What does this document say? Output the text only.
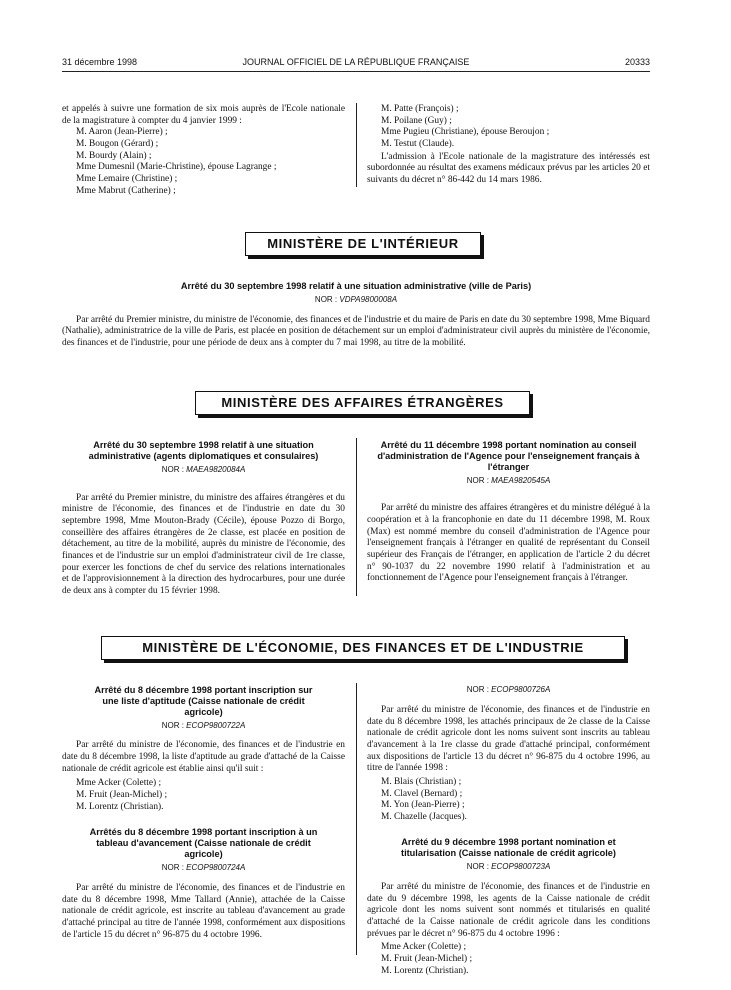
31 décembre 1998	JOURNAL OFFICIEL DE LA RÉPUBLIQUE FRANÇAISE	20333

et appelés à suivre une formation de six mois auprès de l'Ecole nationale de la magistrature à compter du 4 janvier 1999 :

M. Aaron (Jean-Pierre) ;

M. Bougon (Gérard) ;

M. Bourdy (Alain) ;

Mme Dumesnil (Marie-Christine), épouse Lagrange ;

Mme Lemaire (Christine) ;

Mme Mabrut (Catherine) ;

M. Patte (François) ;

M. Poilane (Guy) ;

Mme Pugieu (Christiane), épouse Beroujon ;

M. Testut (Claude).

L'admission à l'Ecole nationale de la magistrature des intéressés est subordonnée au résultat des examens médicaux prévus par les articles 20 et suivants du décret n° 86-442 du 14 mars 1986.

MINISTÈRE DE L'INTÉRIEUR

Arrêté du 30 septembre 1998 relatif à une situation administrative (ville de Paris)

NOR : VDPA9800008A

Par arrêté du Premier ministre, du ministre de l'économie, des finances et de l'industrie et du maire de Paris en date du 30 septembre 1998, Mme Biquard (Nathalie), administratrice de la ville de Paris, est placée en position de détachement sur un emploi d'administrateur civil auprès du ministère de l'économie, des finances et de l'industrie, pour une période de deux ans à compter du 7 mai 1998, au titre de la mobilité.

MINISTÈRE DES AFFAIRES ÉTRANGÈRES

Arrêté du 30 septembre 1998 relatif à une situation administrative (agents diplomatiques et consulaires)

NOR : MAEA9820084A

Par arrêté du Premier ministre, du ministre des affaires étrangères et du ministre de l'économie, des finances et de l'industrie en date du 30 septembre 1998, Mme Mouton-Brady (Cécile), épouse Pozzo di Borgo, conseillère des affaires étrangères de 2e classe, est placée en position de détachement, au titre de la mobilité, auprès du ministre de l'économie, des finances et de l'industrie sur un emploi d'administrateur civil de 1re classe, pour exercer les fonctions de chef du service des relations internationales et de l'approvisionnement à la direction des hydrocarbures, pour une durée de deux ans à compter du 15 février 1998.

Arrêté du 11 décembre 1998 portant nomination au conseil d'administration de l'Agence pour l'enseignement français à l'étranger

NOR : MAEA9820545A

Par arrêté du ministre des affaires étrangères et du ministre délégué à la coopération et à la francophonie en date du 11 décembre 1998, M. Roux (Max) est nommé membre du conseil d'administration de l'Agence pour l'enseignement français à l'étranger en qualité de représentant du Conseil supérieur des Français de l'étranger, en application de l'article 2 du décret n° 90-1037 du 22 novembre 1990 relatif à l'administration et au fonctionnement de l'Agence pour l'enseignement français à l'étranger.

MINISTÈRE DE L'ÉCONOMIE, DES FINANCES ET DE L'INDUSTRIE

Arrêté du 8 décembre 1998 portant inscription sur une liste d'aptitude (Caisse nationale de crédit agricole)

NOR : ECOP9800722A

Par arrêté du ministre de l'économie, des finances et de l'industrie en date du 8 décembre 1998, la liste d'aptitude au grade d'attaché de la Caisse nationale de crédit agricole est établie ainsi qu'il suit :

Mme Acker (Colette) ;

M. Fruit (Jean-Michel) ;

M. Lorentz (Christian).

Arrêtés du 8 décembre 1998 portant inscription à un tableau d'avancement (Caisse nationale de crédit agricole)

NOR : ECOP9800724A

Par arrêté du ministre de l'économie, des finances et de l'industrie en date du 8 décembre 1998, Mme Tallard (Annie), attachée de la Caisse nationale de crédit agricole, est inscrite au tableau d'avancement au grade d'attaché principal au titre de l'année 1998, conformément aux dispositions de l'article 15 du décret n° 96-875 du 4 octobre 1996.

NOR : ECOP9800726A

Par arrêté du ministre de l'économie, des finances et de l'industrie en date du 8 décembre 1998, les attachés principaux de 2e classe de la Caisse nationale de crédit agricole dont les noms suivent sont inscrits au tableau d'avancement à la 1re classe du grade d'attaché principal, conformément aux dispositions de l'article 13 du décret n° 96-875 du 4 octobre 1996, au titre de l'année 1998 :

M. Blais (Christian) ;

M. Clavel (Bernard) ;

M. Yon (Jean-Pierre) ;

M. Chazelle (Jacques).

Arrêté du 9 décembre 1998 portant nomination et titularisation (Caisse nationale de crédit agricole)

NOR : ECOP9800723A

Par arrêté du ministre de l'économie, des finances et de l'industrie en date du 9 décembre 1998, les agents de la Caisse nationale de crédit agricole dont les noms suivent sont nommés et titularisés en qualité d'attaché de la Caisse nationale de crédit agricole dans les conditions prévues par le décret n° 96-875 du 4 octobre 1996 :

Mme Acker (Colette) ;

M. Fruit (Jean-Michel) ;

M. Lorentz (Christian).
